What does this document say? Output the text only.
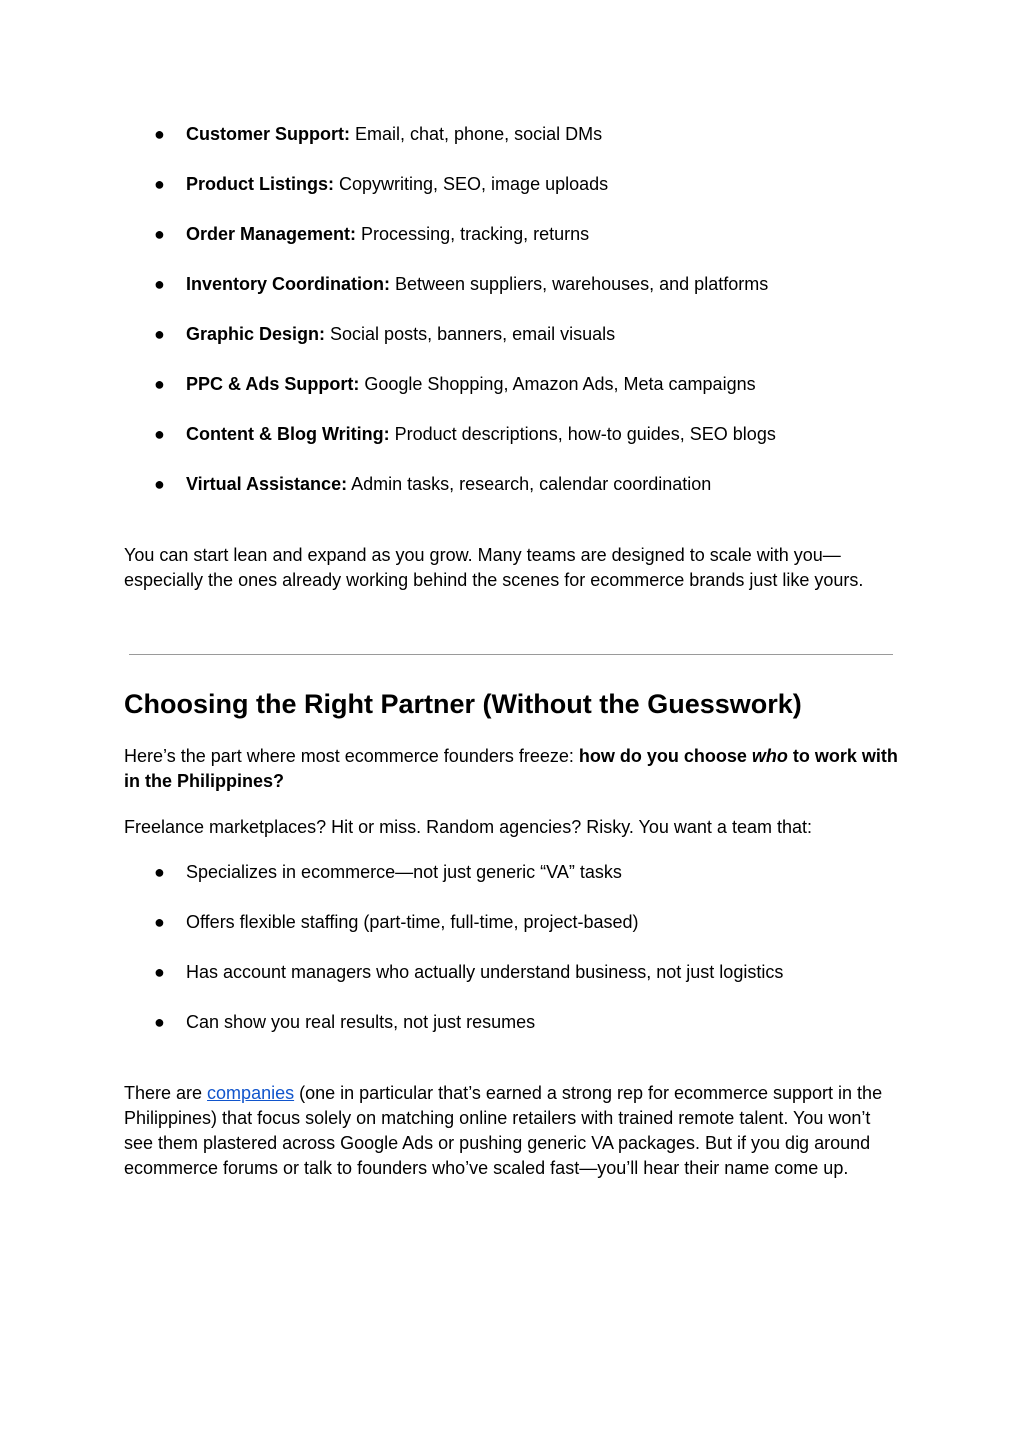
● Customer Support: Email, chat, phone, social DMs
● Product Listings: Copywriting, SEO, image uploads
● Order Management: Processing, tracking, returns
● Inventory Coordination: Between suppliers, warehouses, and platforms
● Graphic Design: Social posts, banners, email visuals
● PPC & Ads Support: Google Shopping, Amazon Ads, Meta campaigns
● Content & Blog Writing: Product descriptions, how-to guides, SEO blogs
● Virtual Assistance: Admin tasks, research, calendar coordination

You can start lean and expand as you grow. Many teams are designed to scale with you—especially the ones already working behind the scenes for ecommerce brands just like yours.

Choosing the Right Partner (Without the Guesswork)

Here’s the part where most ecommerce founders freeze: how do you choose who to work with in the Philippines?

Freelance marketplaces? Hit or miss. Random agencies? Risky. You want a team that:

● Specializes in ecommerce—not just generic “VA” tasks
● Offers flexible staffing (part-time, full-time, project-based)
● Has account managers who actually understand business, not just logistics
● Can show you real results, not just resumes

There are companies (one in particular that’s earned a strong rep for ecommerce support in the Philippines) that focus solely on matching online retailers with trained remote talent. You won’t see them plastered across Google Ads or pushing generic VA packages. But if you dig around ecommerce forums or talk to founders who’ve scaled fast—you’ll hear their name come up.
